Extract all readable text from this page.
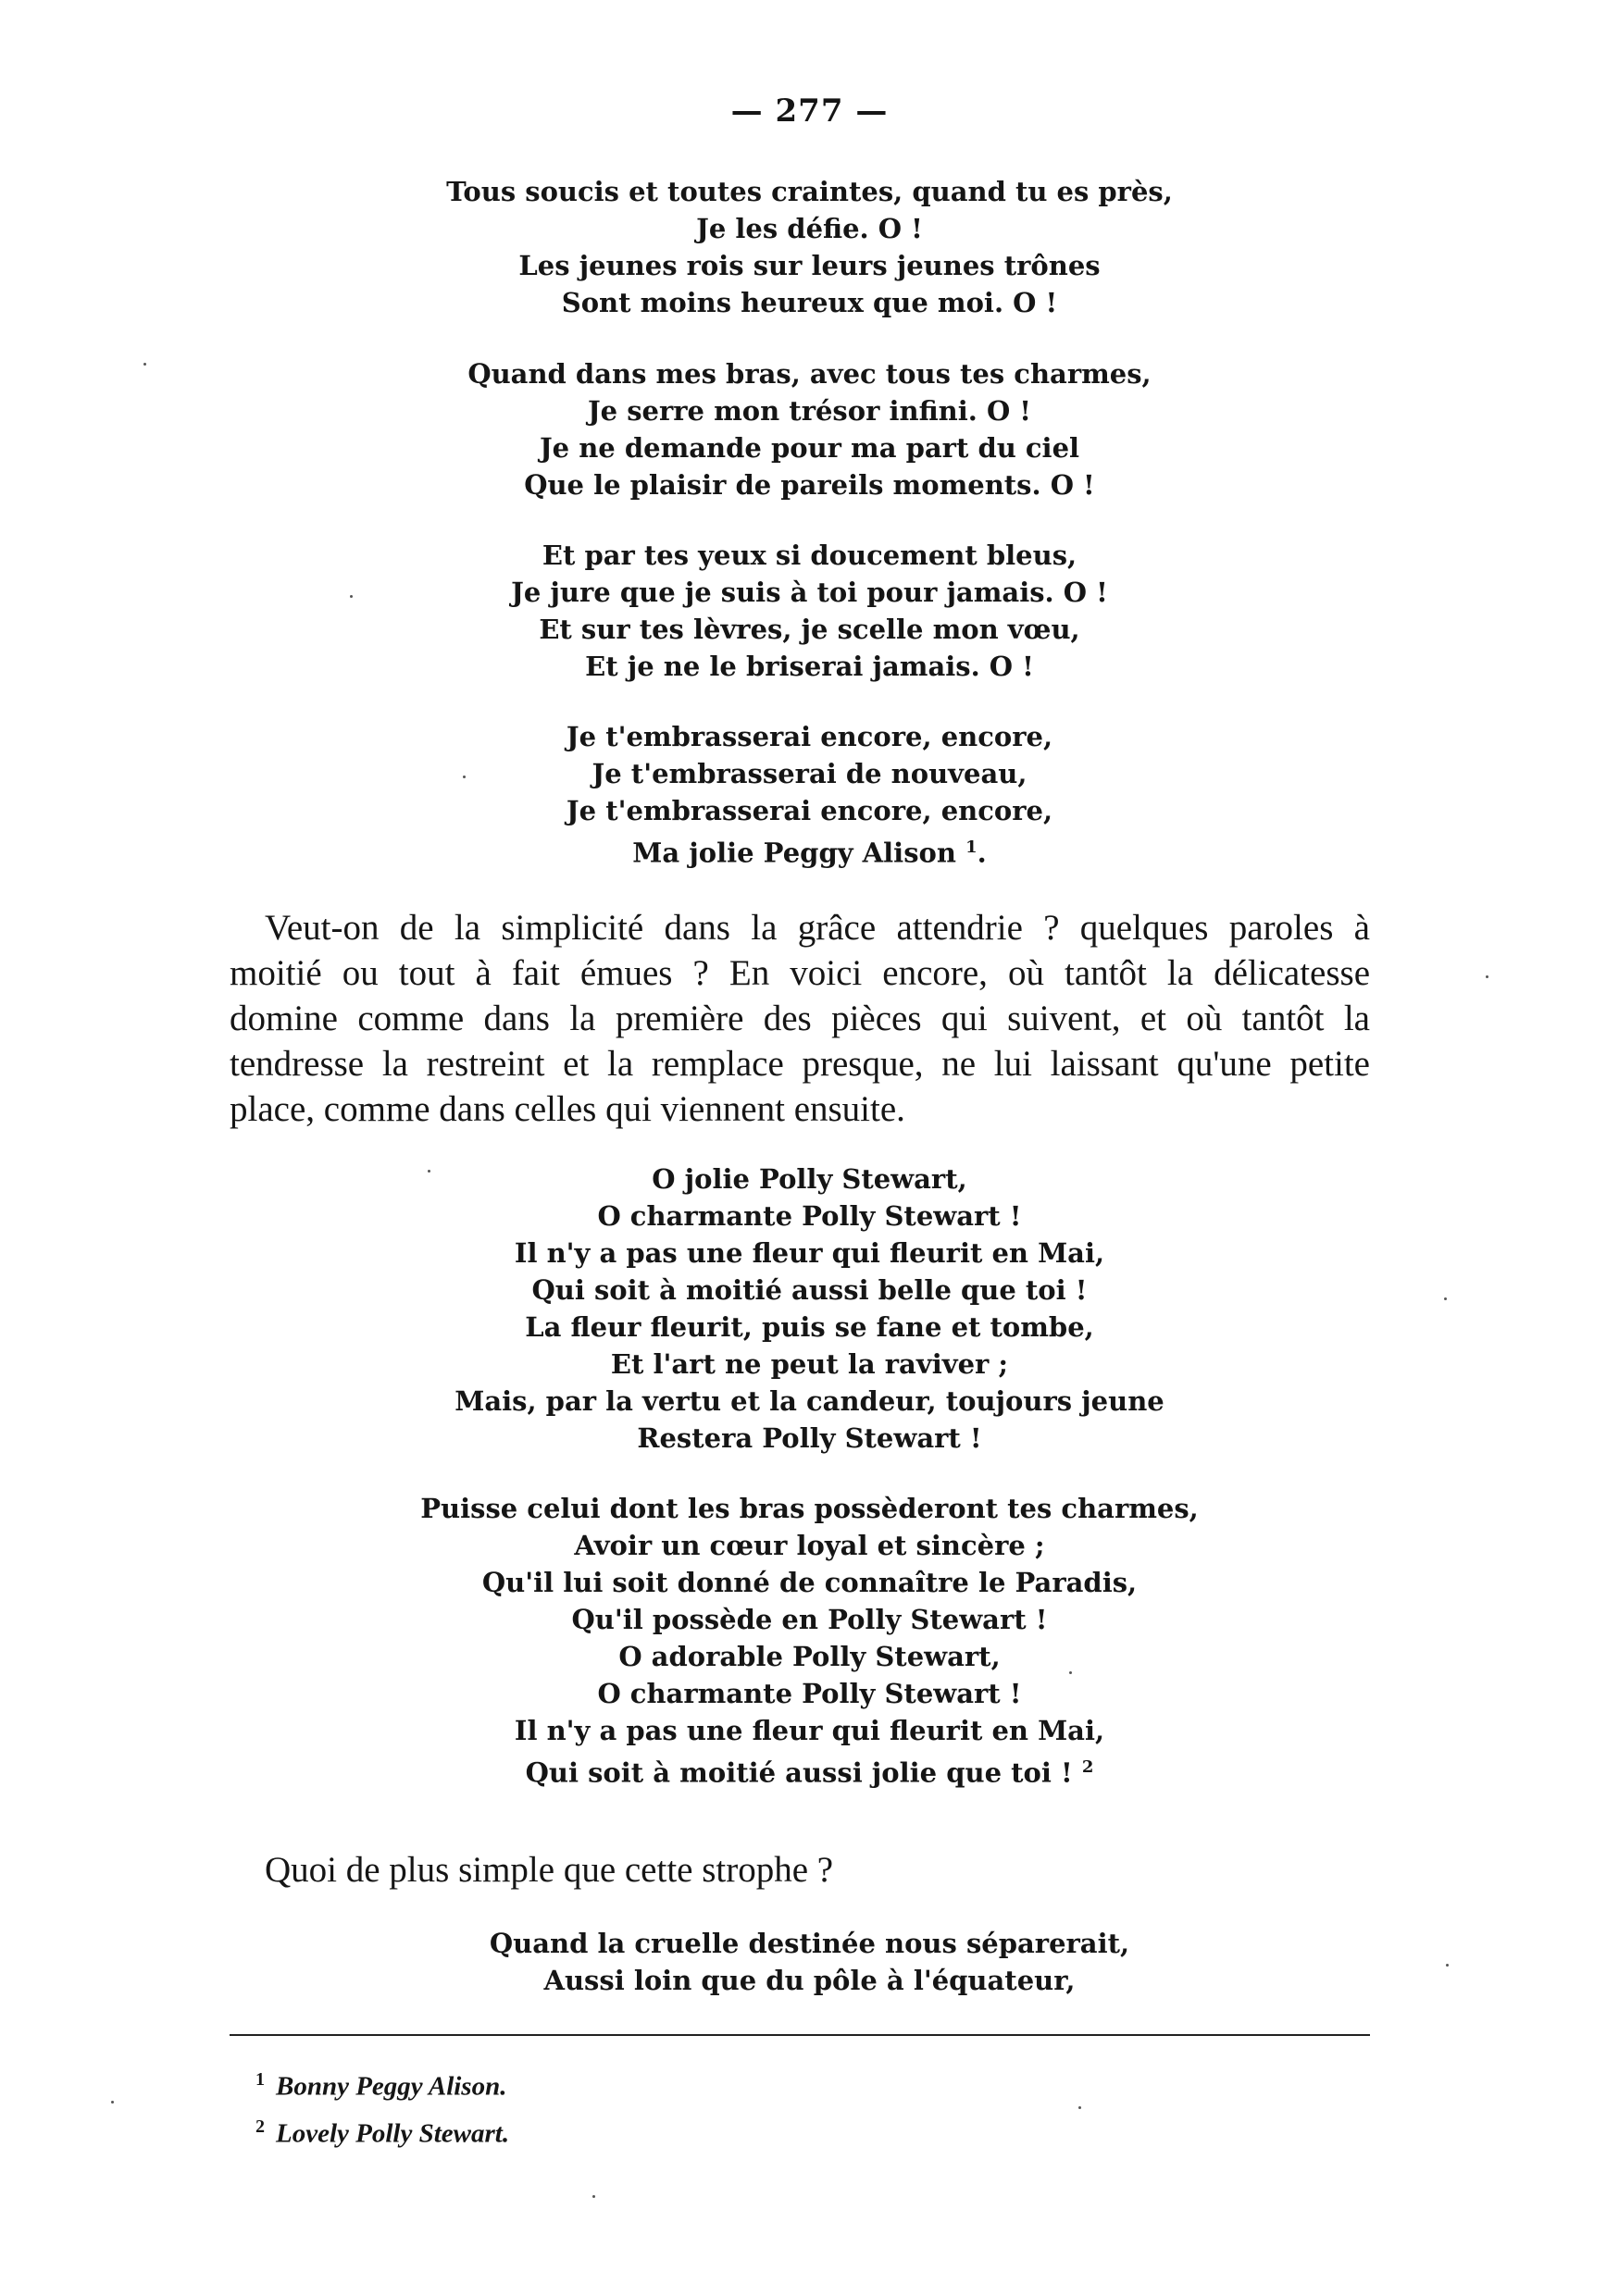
— 277 —
Tous soucis et toutes craintes, quand tu es près,
Je les défie. O !
Les jeunes rois sur leurs jeunes trônes
Sont moins heureux que moi. O !
Quand dans mes bras, avec tous tes charmes,
Je serre mon trésor infini. O !
Je ne demande pour ma part du ciel
Que le plaisir de pareils moments. O !
Et par tes yeux si doucement bleus,
Je jure que je suis à toi pour jamais. O !
Et sur tes lèvres, je scelle mon vœu,
Et je ne le briserai jamais. O !
Je t'embrasserai encore, encore,
Je t'embrasserai de nouveau,
Je t'embrasserai encore, encore,
Ma jolie Peggy Alison $^1$.
Veut-on de la simplicité dans la grâce attendrie ? quelques paroles à
moitié ou tout à fait émues ? En voici encore, où tantôt la délicatesse
domine comme dans la première des pièces qui suivent, et où tantôt la
tendresse la restreint et la remplace presque, ne lui laissant qu'une petite
place, comme dans celles qui viennent ensuite.
O jolie Polly Stewart,
O charmante Polly Stewart !
Il n'y a pas une fleur qui fleurit en Mai,
Qui soit à moitié aussi belle que toi !
La fleur fleurit, puis se fane et tombe,
Et l'art ne peut la raviver ;
Mais, par la vertu et la candeur, toujours jeune
Restera Polly Stewart !
Puisse celui dont les bras possèderont tes charmes,
Avoir un cœur loyal et sincère ;
Qu'il lui soit donné de connaître le Paradis,
Qu'il possède en Polly Stewart !
O adorable Polly Stewart,
O charmante Polly Stewart !
Il n'y a pas une fleur qui fleurit en Mai,
Qui soit à moitié aussi jolie que toi ! $^2$
Quoi de plus simple que cette strophe ?
Quand la cruelle destinée nous séparerait,
Aussi loin que du pôle à l'équateur,
$^1$ Bonny Peggy Alison.
$^2$ Lovely Polly Stewart.
